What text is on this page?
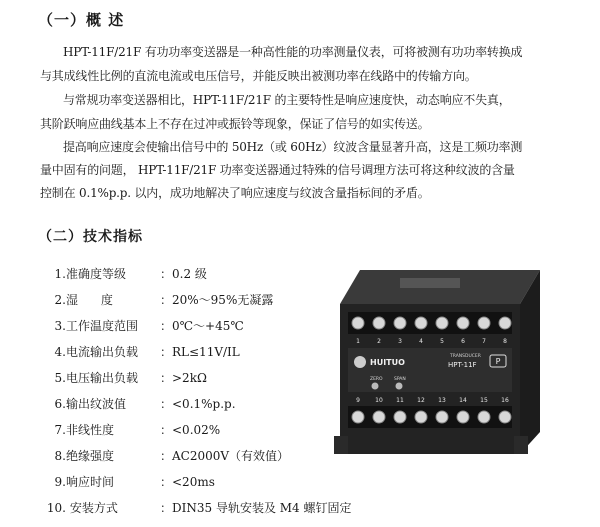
（一）概 述
HPT-11F/21F 有功功率变送器是一种高性能的功率测量仪表，可将被测有功功率转换成
与其成线性比例的直流电流或电压信号，并能反映出被测功率在线路中的传输方向。
与常规功率变送器相比，HPT-11F/21F 的主要特性是响应速度快，动态响应不失真，
其阶跃响应曲线基本上不存在过冲或振铃等现象，保证了信号的如实传送。
提高响应速度会使输出信号中的 50Hz（或 60Hz）纹波含量显著升高，这是工频功率测
量中固有的问题， HPT-11F/21F 功率变送器通过特殊的信号调理方法可将这种纹波的含量
控制在 0.1%p.p. 以内，成功地解决了响应速度与纹波含量指标间的矛盾。
（二）技术指标
1.准确度等级	：0.2 级
2.湿      度	：20%～95%无凝露
3.工作温度范围 ：0℃～+45℃
4.电流输出负载 ：RL≤11V/IL
5.电压输出负载 ：>2kΩ
6.输出纹波值	：<0.1%p.p.
7.非线性度	：<0.02%
8.绝缘强度	：AC2000V（有效值）
9.响应时间	：<20ms
10. 安装方式	：DIN35 导轨安装及 M4 螺钉固定
1	2	3	4	5	6	7	8
HUITUO
TRANSDUCER
HPT-11F P
ZERO	SPAN
9	10 11 12 13 14 15 16
